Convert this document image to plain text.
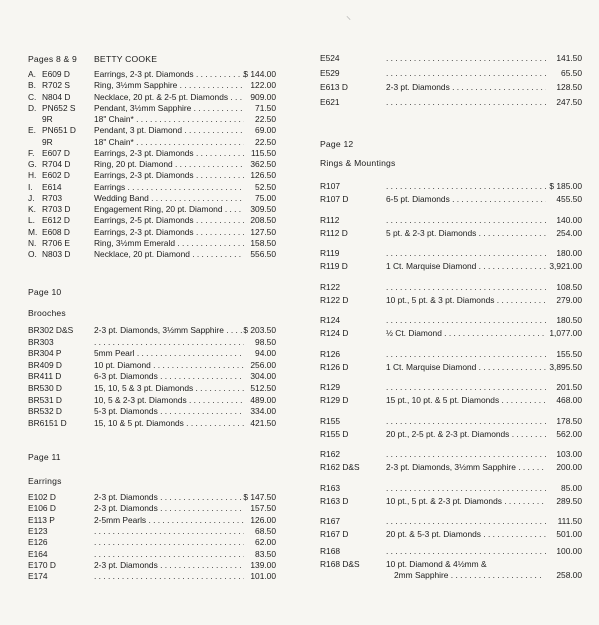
Pages 8 & 9 BETTY COOKE
A. E609 D	Earrings, 2-3 pt. Diamonds . . .	$ 144.00
B. R702 S	Ring, 3½mm Sapphire . . .	122.00
C. N804 D	Necklace, 20 pt. & 2-5 pt. Diamonds . . .	909.00
D. PN652 S Pendant, 3½mm Sapphire . . .	71.50
9R	18" Chain* . . .	22.50
E. PN651 D Pendant, 3 pt. Diamond . . .	69.00
9R	18" Chain* . . .	22.50
F. E607 D	Earrings, 2-3 pt. Diamonds . . .	115.50
G. R704 D	Ring, 20 pt. Diamond . . .	362.50
H. E602 D	Earrings, 2-3 pt. Diamonds . . .	126.50
I.	E614	Earrings . . .	52.50
J. R703	Wedding Band . . .	75.00
K. R703 D	Engagement Ring, 20 pt. Diamond . . .	309.50
L. E612 D	Earrings, 2-5 pt. Diamonds . . .	208.50
M. E608 D	Earrings, 2-3 pt. Diamonds . . .	127.50
N. R706 E	Ring, 3½mm Emerald . . .	158.50
O. N803 D	Necklace, 20 pt. Diamond . . .	556.50
Page 10
Brooches
BR302 D&S 2-3 pt. Diamonds, 3½mm Sapphire . . .	$ 203.50
BR303 . . .	98.50
BR304 P	5mm Pearl . . .	94.00
BR409 D	10 pt. Diamond . . .	256.00
BR411 D	6-3 pt. Diamonds . . .	304.00
BR530 D	15, 10, 5 & 3 pt. Diamonds . . .	512.50
BR531 D	10, 5 & 2-3 pt. Diamonds . . .	489.00
BR532 D	5-3 pt. Diamonds . . .	334.00
BR6151 D	15, 10 & 5 pt. Diamonds . . .	421.50
Page 11
Earrings
E102 D	2-3 pt. Diamonds . . .	$ 147.50
E106 D	2-3 pt. Diamonds . . .	157.50
E113 P	2-5mm Pearls . . .	126.00
E123 . . .	68.50
E126 . . .	62.00
E164 . . .	83.50
E170 D	2-3 pt. Diamonds . . .	139.00
E174 . . .	101.00
E524 . . .	141.50
E529 . . .	65.50
E613 D	2-3 pt. Diamonds . . .	128.50
E621 . . .	247.50
Page 12
Rings & Mountings
R107 . . .	$ 185.00
R107 D	6-5 pt. Diamonds . . .	455.50
R112 . . .	140.00
R112 D	5 pt. & 2-3 pt. Diamonds . . .	254.00
R119 . . .	180.00
R119 D	1 Ct. Marquise Diamond . . .	3,921.00
R122 . . .	108.50
R122 D	10 pt., 5 pt. & 3 pt. Diamonds . . .	279.00
R124 . . .	180.50
R124 D	½ Ct. Diamond . . .	1,077.00
R126 . . .	155.50
R126 D	1 Ct. Marquise Diamond . . .	3,895.50
R129 . . .	201.50
R129 D	15 pt., 10 pt. & 5 pt. Diamonds . . .	468.00
R155 . . .	178.50
R155 D	20 pt., 2-5 pt. & 2-3 pt. Diamonds . . .	562.00
R162 . . .	103.00
R162 D&S	2-3 pt. Diamonds, 3½mm Sapphire . . .	200.00
R163 . . .	85.00
R163 D	10 pt., 5 pt. & 2-3 pt. Diamonds . . .	289.50
R167 . . .	111.50
R167 D	20 pt. & 5-3 pt. Diamonds . . .	501.00
R168 . . .	100.00
R168 D&S	10 pt. Diamond & 4½mm &
2mm Sapphire . . .	258.00
⸜
